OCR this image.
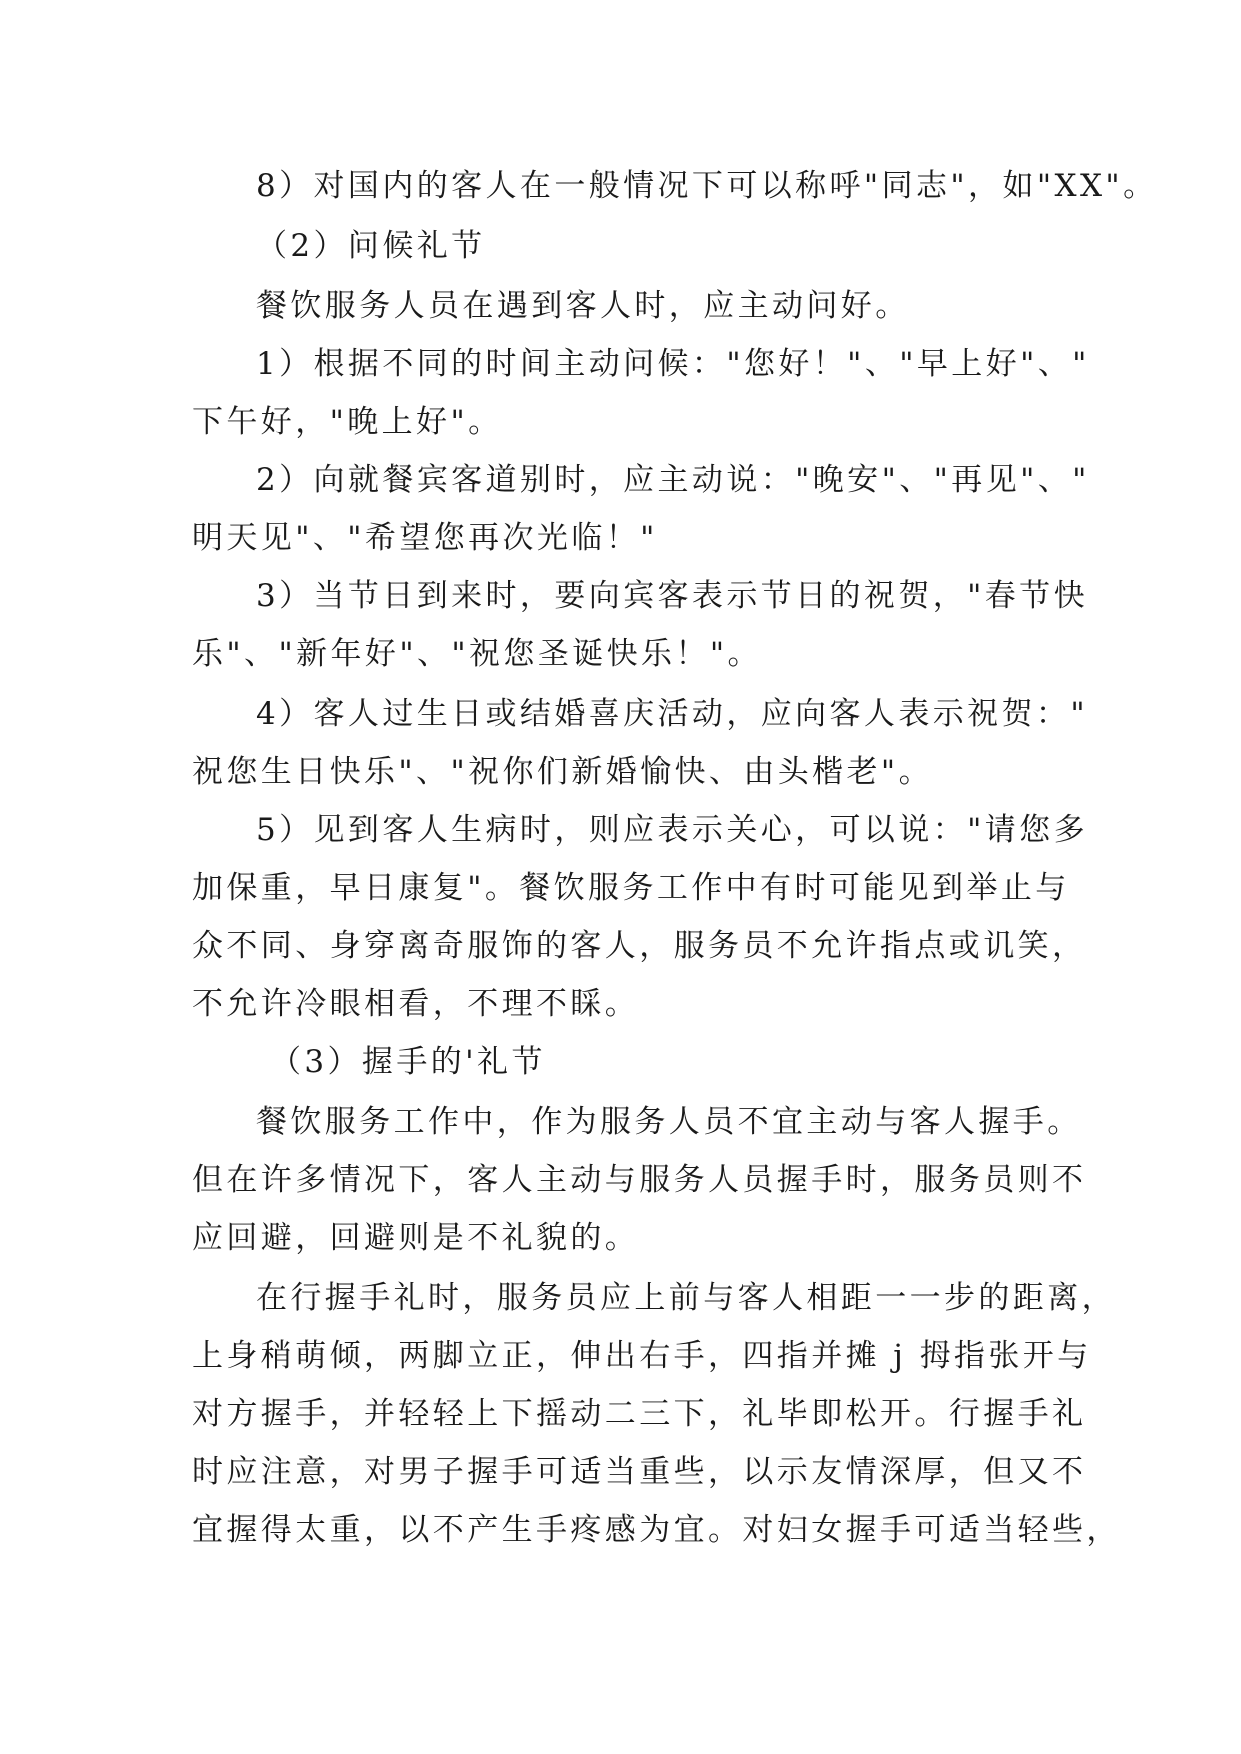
8）对国内的客人在一般情况下可以称呼"同志"，如"XX"。
（2）问候礼节
餐饮服务人员在遇到客人时，应主动问好。
1）根据不同的时间主动问候："您好！"、"早上好"、"
下午好，"晚上好"。
2）向就餐宾客道别时，应主动说："晚安"、"再见"、"
明天见"、"希望您再次光临！"
3）当节日到来时，要向宾客表示节日的祝贺，"春节快
乐"、"新年好"、"祝您圣诞快乐！"。
4）客人过生日或结婚喜庆活动，应向客人表示祝贺："
祝您生日快乐"、"祝你们新婚愉快、由头楷老"。
5）见到客人生病时，则应表示关心，可以说："请您多
加保重，早日康复"。餐饮服务工作中有时可能见到举止与
众不同、身穿离奇服饰的客人，服务员不允许指点或讥笑，
不允许冷眼相看，不理不睬。
（3）握手的'礼节
餐饮服务工作中，作为服务人员不宜主动与客人握手。
但在许多情况下，客人主动与服务人员握手时，服务员则不
应回避，回避则是不礼貌的。
在行握手礼时，服务员应上前与客人相距一一步的距离，
上身稍萌倾，两脚立正，伸出右手，四指并摊 j 拇指张开与
对方握手，并轻轻上下摇动二三下，礼毕即松开。行握手礼
时应注意，对男子握手可适当重些，以示友情深厚，但又不
宜握得太重，以不产生手疼感为宜。对妇女握手可适当轻些，
